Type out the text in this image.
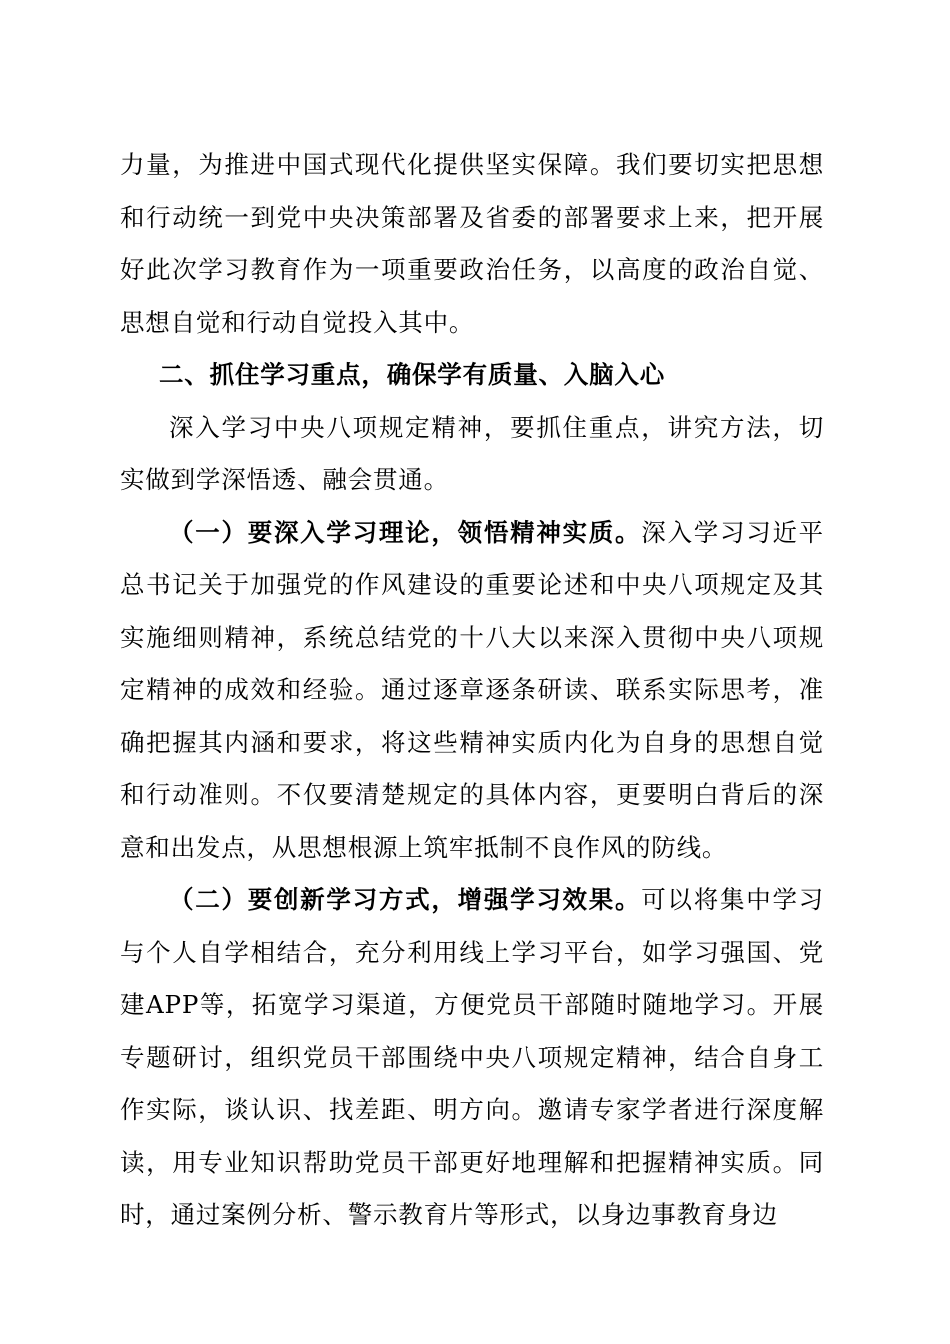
力量，为推进中国式现代化提供坚实保障。我们要切实把思想和行动统一到党中央决策部署及省委的部署要求上来，把开展好此次学习教育作为一项重要政治任务，以高度的政治自觉、思想自觉和行动自觉投入其中。

二、抓住学习重点，确保学有质量、入脑入心

深入学习中央八项规定精神，要抓住重点，讲究方法，切实做到学深悟透、融会贯通。

（一）要深入学习理论，领悟精神实质。深入学习习近平总书记关于加强党的作风建设的重要论述和中央八项规定及其实施细则精神，系统总结党的十八大以来深入贯彻中央八项规定精神的成效和经验。通过逐章逐条研读、联系实际思考，准确把握其内涵和要求，将这些精神实质内化为自身的思想自觉和行动准则。不仅要清楚规定的具体内容，更要明白背后的深意和出发点，从思想根源上筑牢抵制不良作风的防线。

（二）要创新学习方式，增强学习效果。可以将集中学习与个人自学相结合，充分利用线上学习平台，如学习强国、党建APP等，拓宽学习渠道，方便党员干部随时随地学习。开展专题研讨，组织党员干部围绕中央八项规定精神，结合自身工作实际，谈认识、找差距、明方向。邀请专家学者进行深度解读，用专业知识帮助党员干部更好地理解和把握精神实质。同时，通过案例分析、警示教育片等形式，以身边事教育身边
